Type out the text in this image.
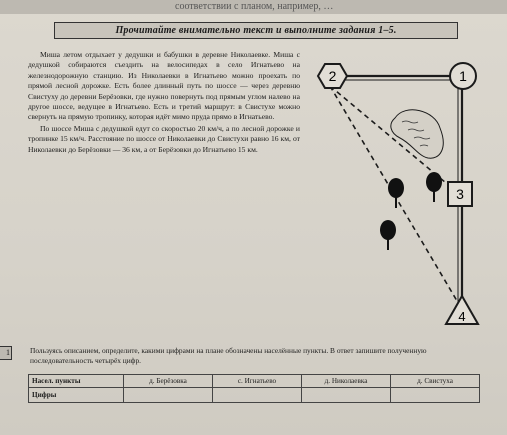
соответствии с планом, например, …
Прочитайте внимательно текст и выполните задания 1–5.

Миша летом отдыхает у дедушки и бабушки в деревне Николаевке. Миша с дедушкой собираются съездить на велосипедах в село Игнатьево на железнодорожную станцию. Из Николаевки в Игнатьево можно проехать по прямой лесной дорожке. Есть более длинный путь по шоссе — через деревню Свистуху до деревни Берёзовки, где нужно повернуть под прямым углом налево на другое шоссе, ведущее в Игнатьево. Есть и третий маршрут: в Свистухе можно свернуть на прямую тропинку, которая идёт мимо пруда прямо в Игнатьево.

По шоссе Миша с дедушкой едут со скоростью 20 км/ч, а по лесной дорожке и тропинке 15 км/ч. Расстояние по шоссе от Николаевки до Свистухи равно 16 км, от Николаевки до Берёзовки — 36 км, а от Берёзовки до Игнатьево 15 км.

2	1
3
4
1	Пользуясь описанием, определите, какими цифрами на плане обозначены населённые пункты. В ответ запишите полученную последовательность четырёх цифр.
Насел. пункты	д. Берёзовка	с. Игнатьево	д. Николаевка	д. Свистуха
Цифры				
